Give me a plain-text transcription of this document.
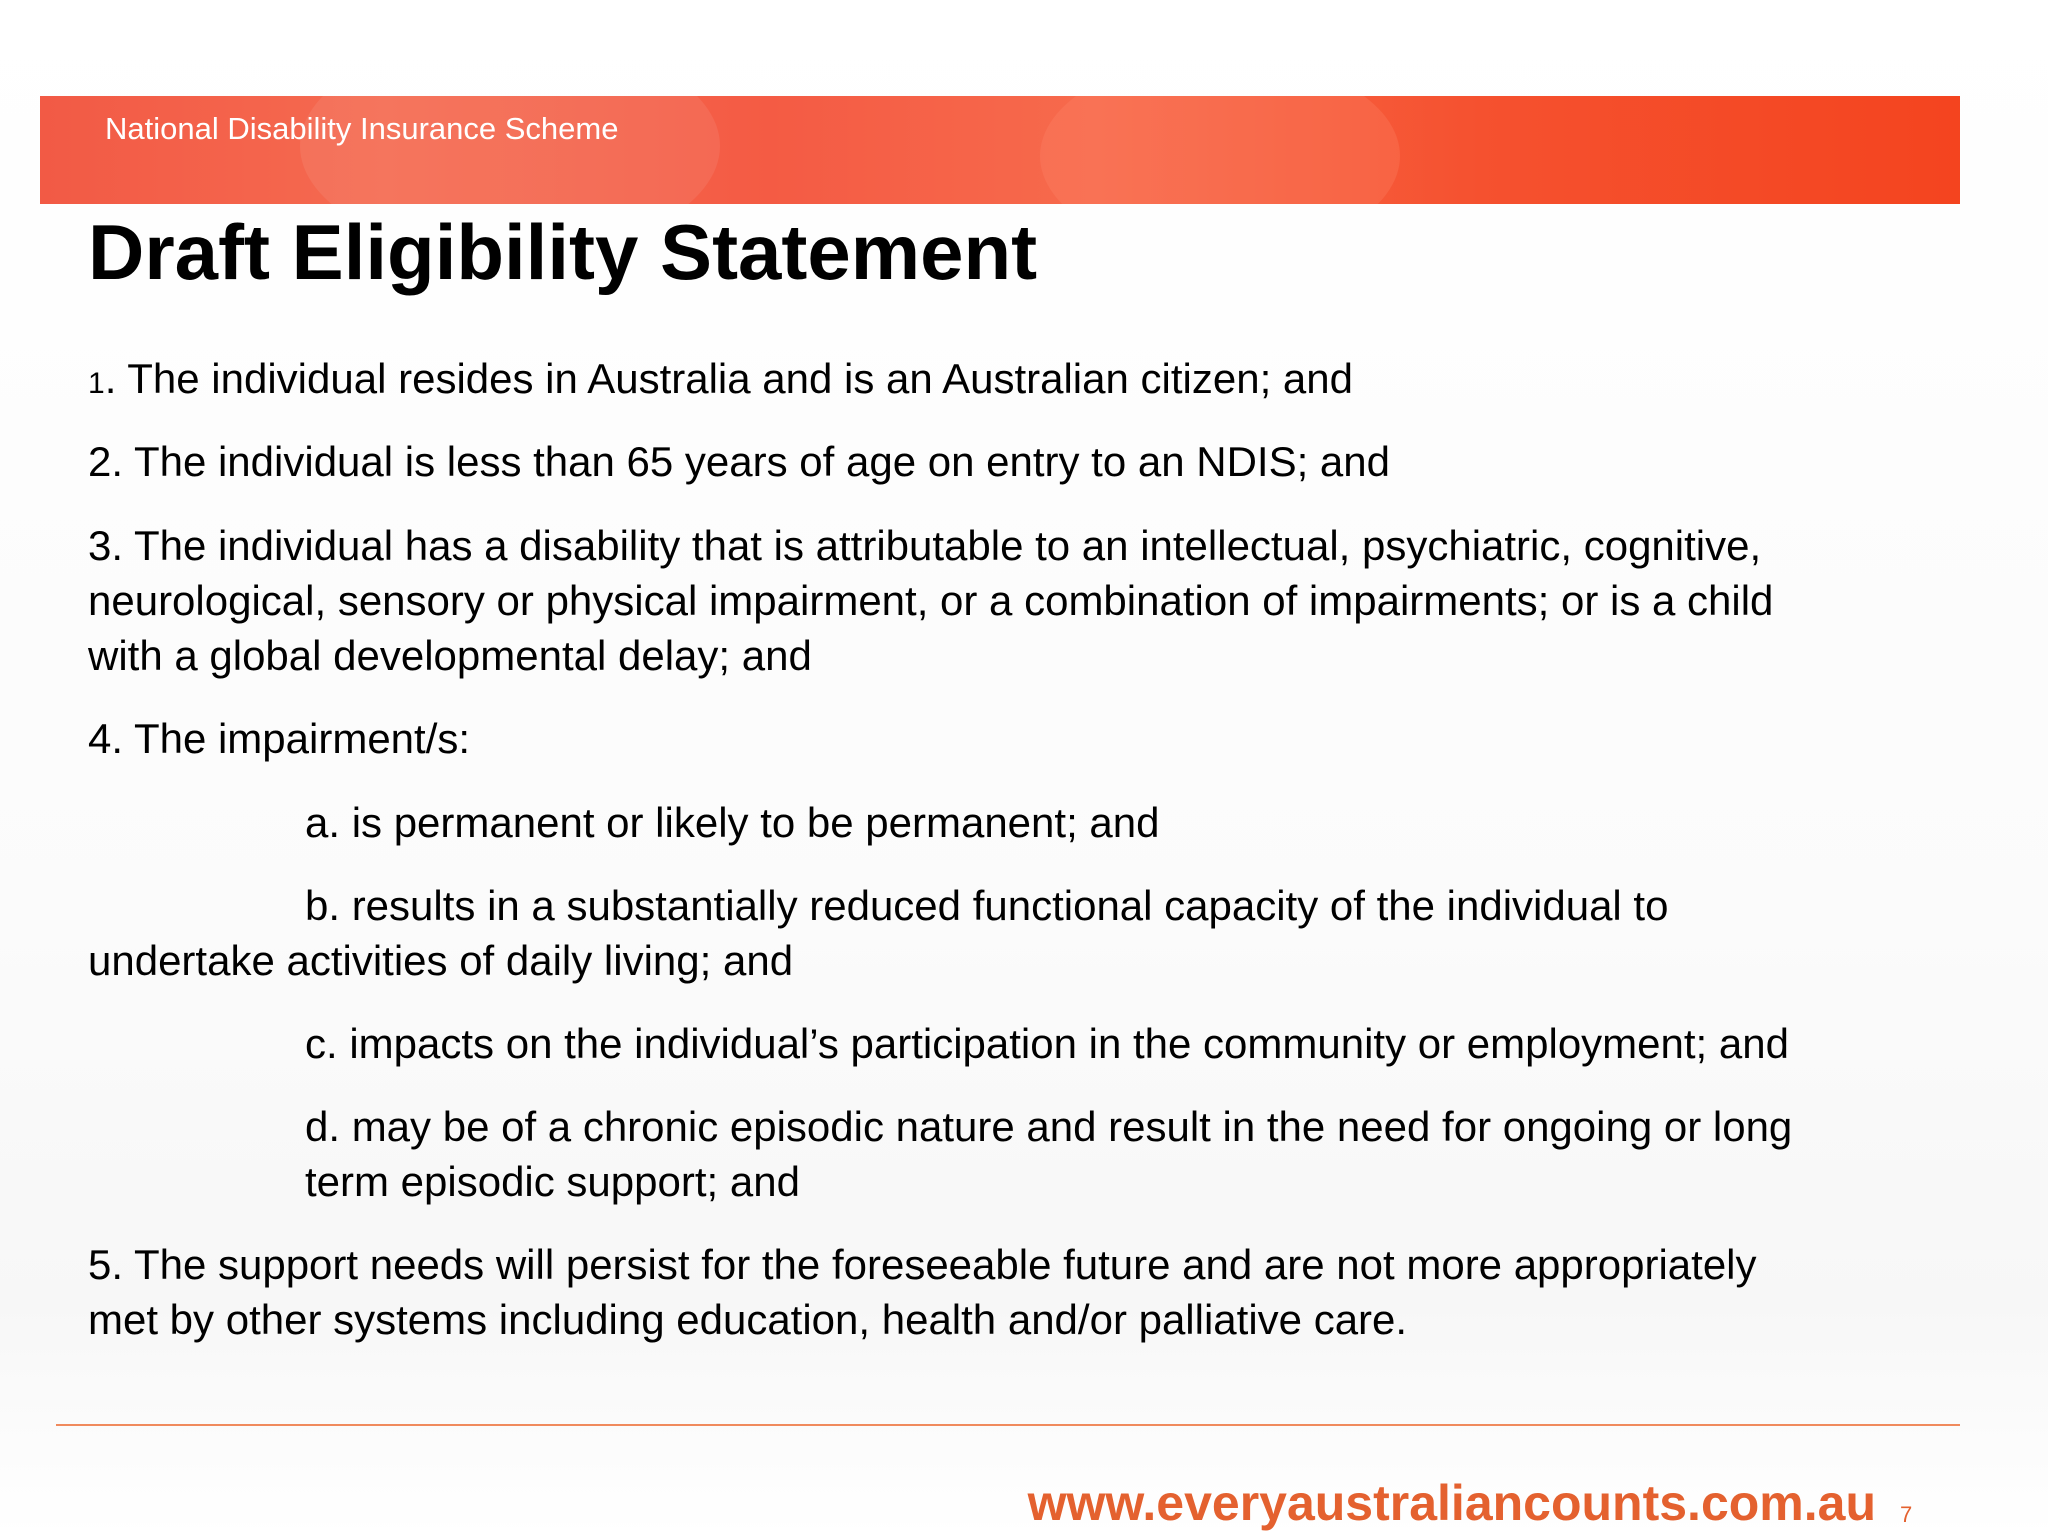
National Disability Insurance Scheme
Draft Eligibility Statement

1. The individual resides in Australia and is an Australian citizen; and

2. The individual is less than 65 years of age on entry to an NDIS; and

3. The individual has a disability that is attributable to an intellectual, psychiatric, cognitive,

neurological, sensory or physical impairment, or a combination of impairments; or is a child

with a global developmental delay; and

4. The impairment/s:

a. is permanent or likely to be permanent; and

b. results in a substantially reduced functional capacity of the individual to

undertake activities of daily living; and

c. impacts on the individual’s participation in the community or employment; and

d. may be of a chronic episodic nature and result in the need for ongoing or long

term episodic support; and

5. The support needs will persist for the foreseeable future and are not more appropriately

met by other systems including education, health and/or palliative care.

www.everyaustraliancounts.com.au 7
